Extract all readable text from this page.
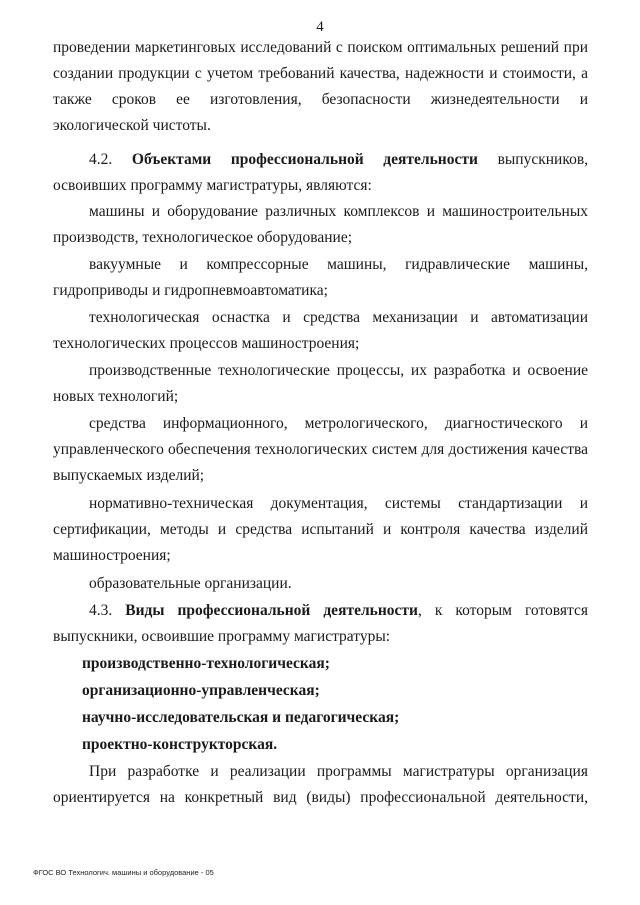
4

проведении маркетинговых исследований с поиском оптимальных решений при создании продукции с учетом требований качества, надежности и стоимости, а также сроков ее изготовления, безопасности жизнедеятельности и экологической чистоты.

4.2. Объектами профессиональной деятельности выпускников, освоивших программу магистратуры, являются:

машины и оборудование различных комплексов и машиностроительных производств, технологическое оборудование;

вакуумные и компрессорные машины, гидравлические машины, гидроприводы и гидропневмоавтоматика;

технологическая оснастка и средства механизации и автоматизации технологических процессов машиностроения;

производственные технологические процессы, их разработка и освоение новых технологий;

средства информационного, метрологического, диагностического и управленческого обеспечения технологических систем для достижения качества выпускаемых изделий;

нормативно-техническая документация, системы стандартизации и сертификации, методы и средства испытаний и контроля качества изделий машиностроения;

образовательные организации.

4.3. Виды профессиональной деятельности, к которым готовятся выпускники, освоившие программу магистратуры:

производственно-технологическая;

организационно-управленческая;

научно-исследовательская и педагогическая;

проектно-конструкторская.

При разработке и реализации программы магистратуры организация ориентируется на конкретный вид (виды) профессиональной деятельности,

ФГОС ВО Технологич. машины и оборудование - 05
